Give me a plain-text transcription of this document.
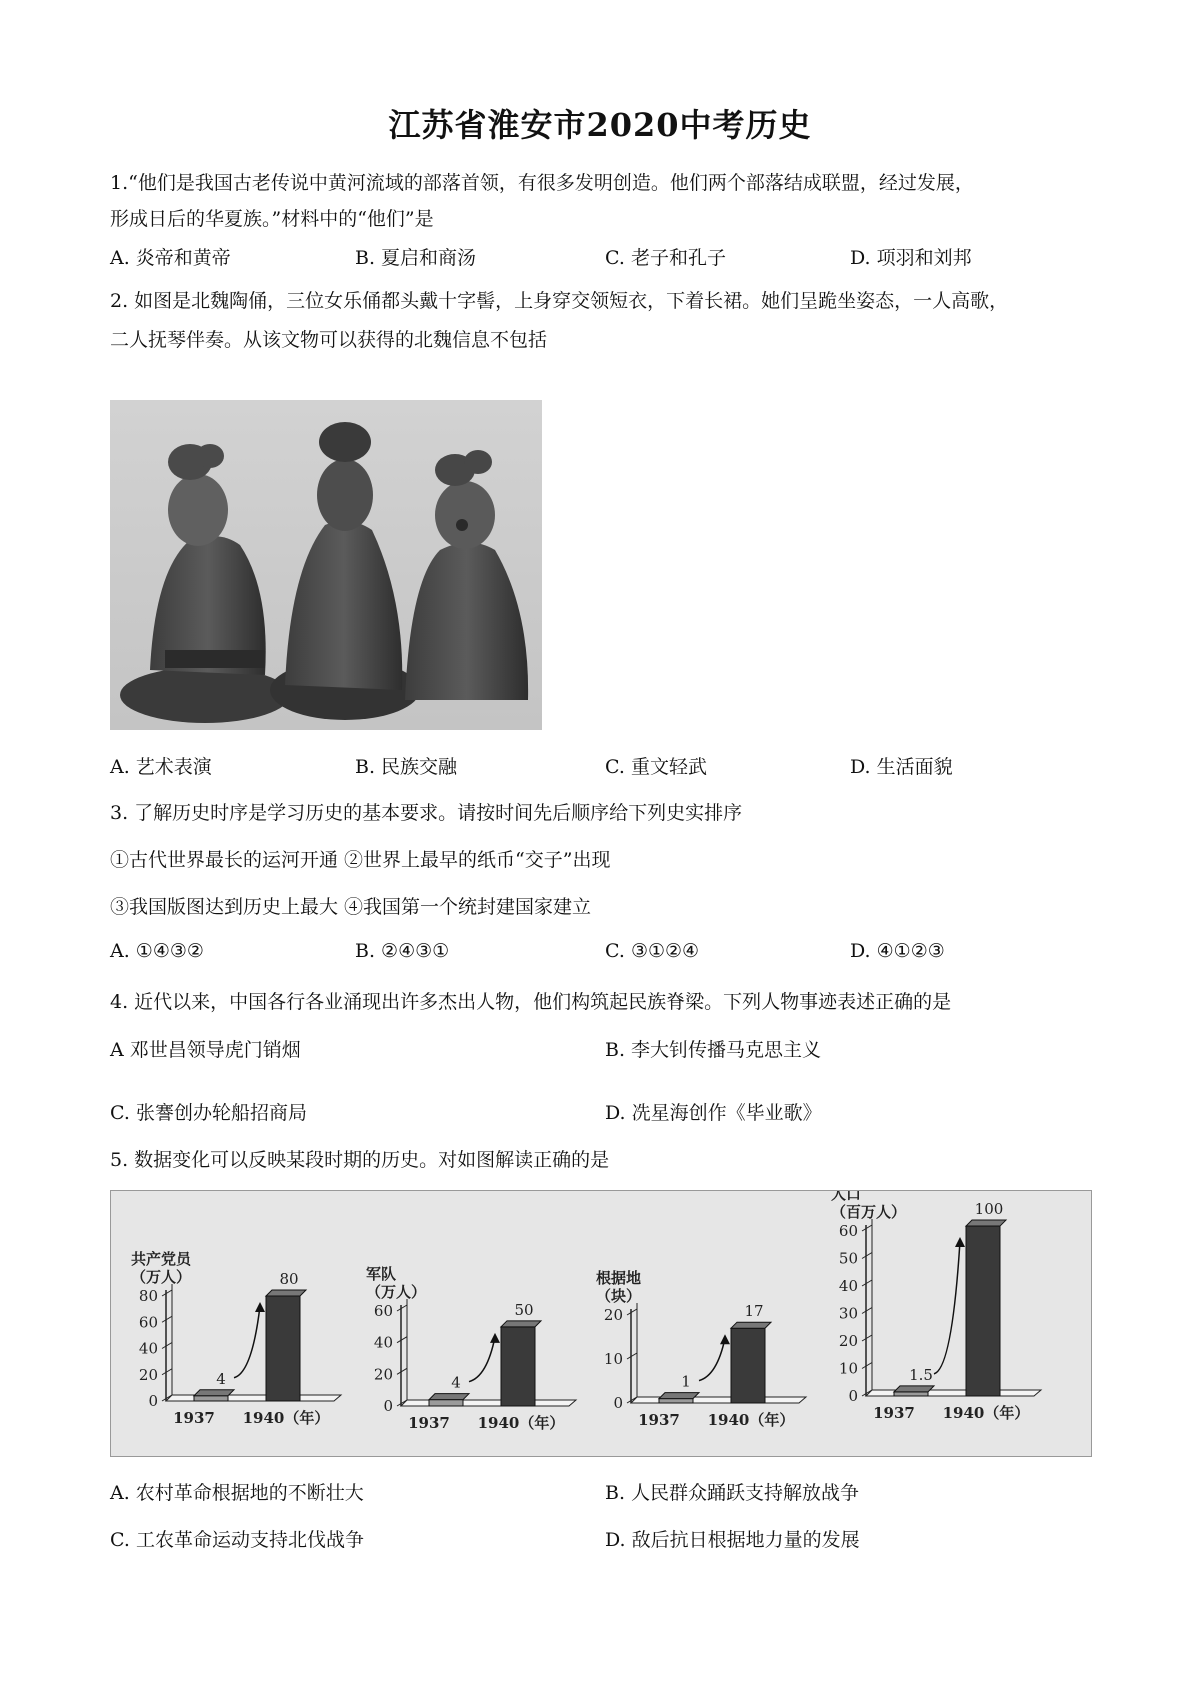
江苏省淮安市2020中考历史
1.“他们是我国古老传说中黄河流域的部落首领，有很多发明创造。他们两个部落结成联盟，经过发展，
形成日后的华夏族。”材料中的“他们”是
A. 炎帝和黄帝	B. 夏启和商汤	C. 老子和孔子	D. 项羽和刘邦
2. 如图是北魏陶俑，三位女乐俑都头戴十字髻，上身穿交领短衣，下着长裙。她们呈跪坐姿态，一人高歌，
二人抚琴伴奏。从该文物可以获得的北魏信息不包括
A. 艺术表演	B. 民族交融	C. 重文轻武	D. 生活面貌
3. 了解历史时序是学习历史的基本要求。请按时间先后顺序给下列史实排序
①古代世界最长的运河开通 ②世界上最早的纸币“交子”出现
③我国版图达到历史上最大 ④我国第一个统封建国家建立
A. ①④③②	B. ②④③①	C. ③①②④	D. ④①②③
4. 近代以来，中国各行各业涌现出许多杰出人物，他们构筑起民族脊梁。下列人物事迹表述正确的是
A 邓世昌领导虎门销烟	B. 李大钊传播马克思主义
C. 张謇创办轮船招商局	D. 冼星海创作《毕业歌》
5. 数据变化可以反映某段时期的历史。对如图解读正确的是
共产党员
（万人）
0
20
40
60
80
4
1937
80
1940（年）
军队
（万人）
0
20
40
60
4
1937
50
1940（年）
根据地
（块）
0
10
20
1
1937
17
1940（年）
人口
（百万人）
0
10
20
30
40
50
60
1.5
1937
100
1940（年）
A. 农村革命根据地的不断壮大	B. 人民群众踊跃支持解放战争
C. 工农革命运动支持北伐战争	D. 敌后抗日根据地力量的发展
